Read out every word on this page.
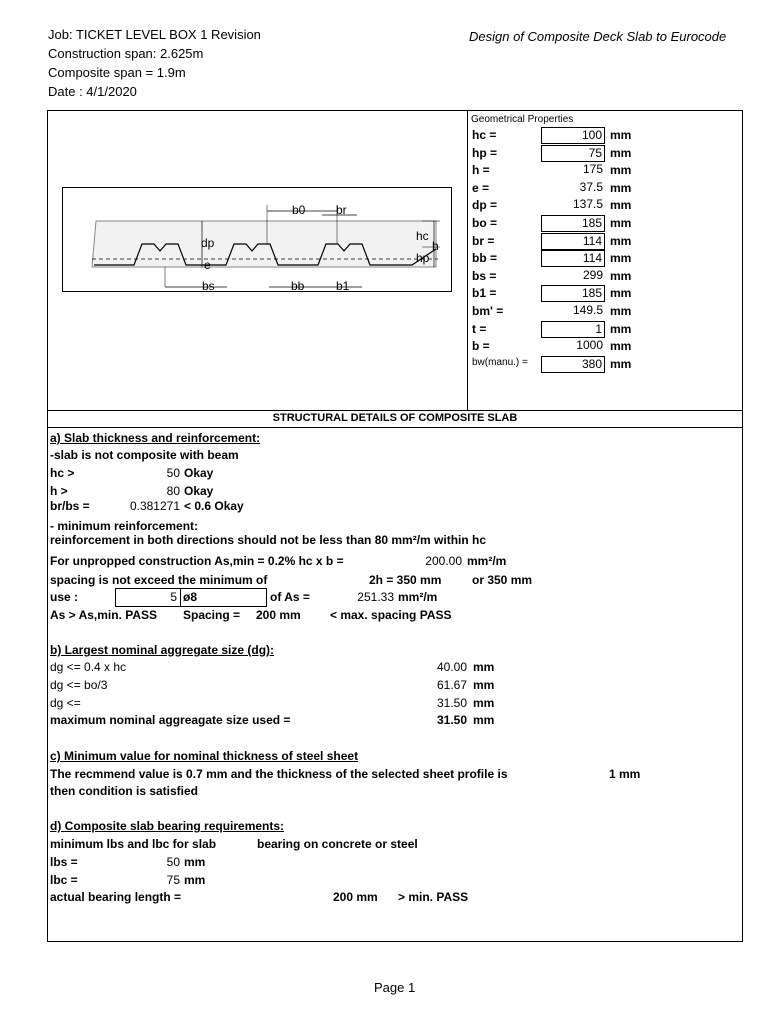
Job: TICKET LEVEL BOX 1 Revision
Construction span: 2.625m
Composite span = 1.9m
Date : 4/1/2020
Design of Composite Deck Slab to Eurocode
b0	br
dp
e
bs	bb	b1
hc
h
hp
Geometrical Properties
hc =	100 mm
hp =	75 mm
h =	175 mm
e =	37.5 mm
dp =	137.5 mm
bo =	185 mm
br =	114 mm
bb =	114 mm
bs =	299 mm
b1 =	185 mm
bm' =	149.5 mm
t =	1 mm
b =	1000 mm
bw(manu.) =	380 mm
STRUCTURAL DETAILS OF COMPOSITE SLAB
a) Slab thickness and reinforcement:
-slab is not composite with beam
hc >	50 Okay
h >	80 Okay
br/bs =	0.381271 < 0.6 Okay
- minimum reinforcement:
reinforcement in both directions should not be less than 80 mm²/m within hc
For unpropped construction As,min = 0.2% hc x b =	200.00 mm²/m
spacing is not exceed the minimum of	2h = 350 mm	or 350 mm
use :	5 ø8	of As =	251.33 mm²/m
As > As,min. PASS Spacing = 200 mm < max. spacing PASS
b) Largest nominal aggregate size (dg):
dg <= 0.4 x hc	40.00 mm
dg <= bo/3	61.67 mm
dg <=	31.50 mm
maximum nominal aggreagate size used =	31.50 mm
c) Minimum value for nominal thickness of steel sheet
The recmmend value is 0.7 mm and the thickness of the selected sheet profile is	1 mm
then condition is satisfied
d) Composite slab bearing requirements:
minimum lbs and lbc for slab	bearing on concrete or steel
lbs =	50 mm
lbc =	75 mm
actual bearing length =	200 mm > min. PASS
Page 1
